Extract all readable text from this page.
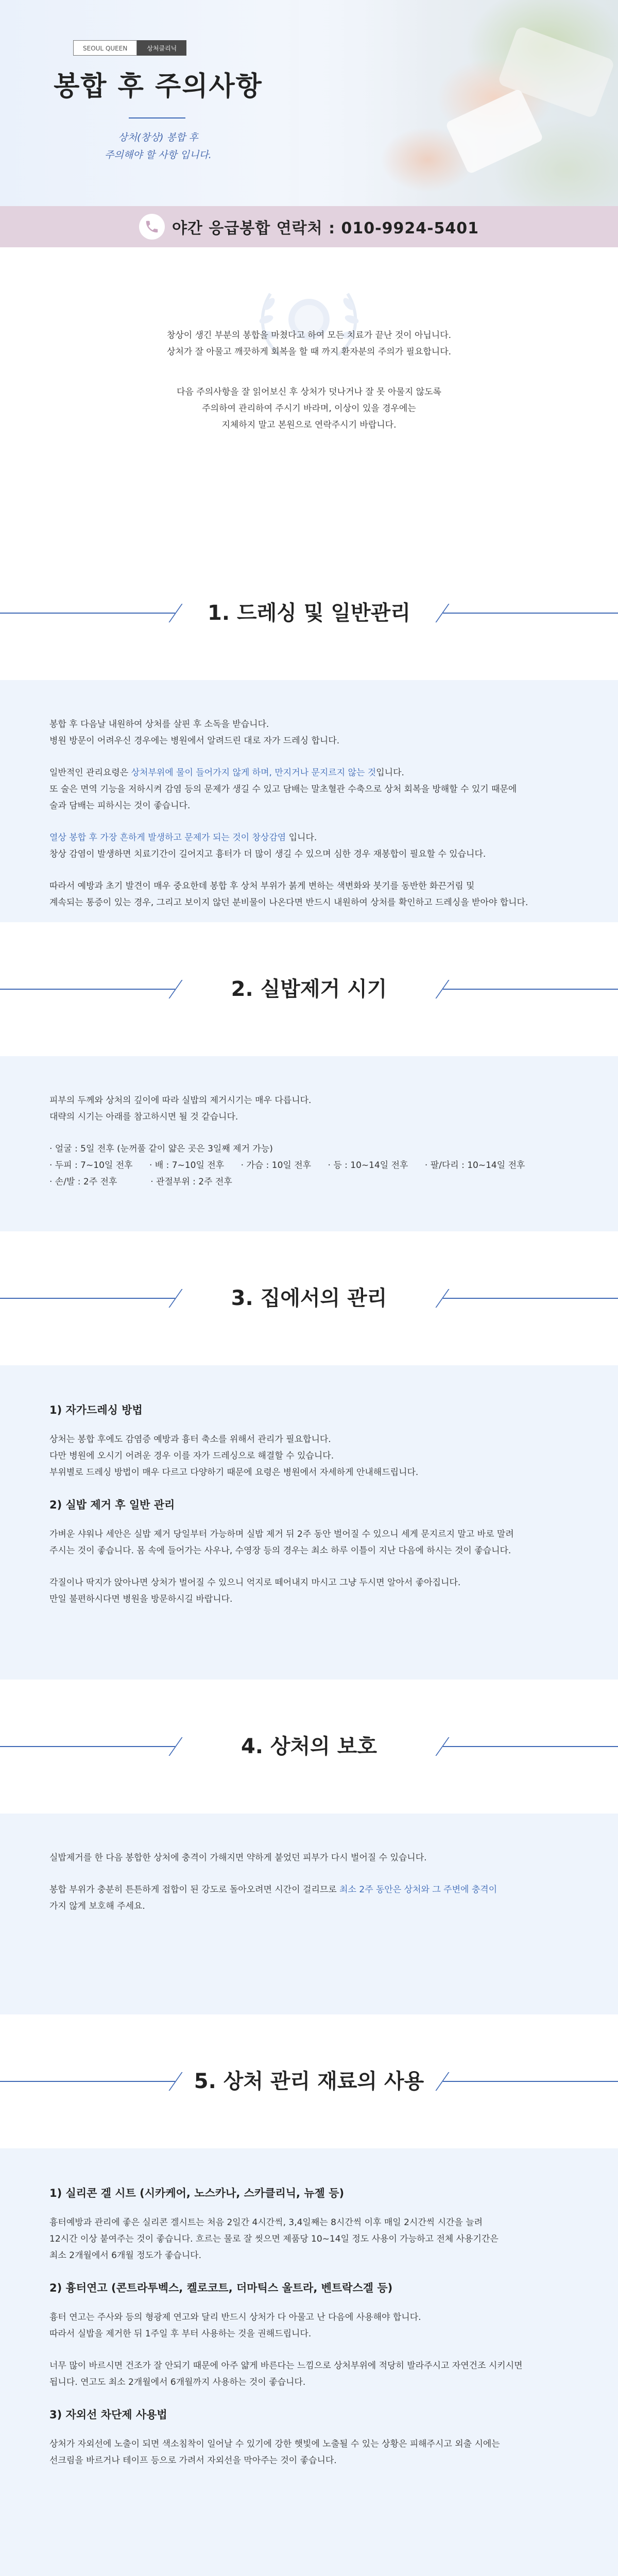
SEOUL QUEEN	상처클리닉
봉합 후 주의사항
상처(창상) 봉합 후
주의해야 할 사항 입니다.
야간 응급봉합 연락처 : 010-9924-5401
창상이 생긴 부분의 봉합을 마쳤다고 하여 모든 치료가 끝난 것이 아닙니다.
상처가 잘 아물고 깨끗하게 회복을 할 때 까지 환자분의 주의가 필요합니다.
다음 주의사항을 잘 읽어보신 후 상처가 덧나거나 잘 못 아물지 않도록
주의하여 관리하여 주시기 바라며, 이상이 있을 경우에는
지체하지 말고 본원으로 연락주시기 바랍니다.
1. 드레싱 및 일반관리

봉합 후 다음날 내원하여 상처를 살핀 후 소독을 받습니다.

병원 방문이 어려우신 경우에는 병원에서 알려드린 대로 자가 드레싱 합니다.

일반적인 관리요령은 상처부위에 물이 들어가지 않게 하며, 만지거나 문지르지 않는 것입니다.

또 술은 면역 기능을 저하시켜 감염 등의 문제가 생길 수 있고 담배는 말초혈관 수축으로 상처 회복을 방해할 수 있기 때문에

술과 담배는 피하시는 것이 좋습니다.

열상 봉합 후 가장 흔하게 발생하고 문제가 되는 것이 창상감염 입니다.

창상 감염이 발생하면 치료기간이 길어지고 흉터가 더 많이 생길 수 있으며 심한 경우 재봉합이 필요할 수 있습니다.

따라서 예방과 초기 발견이 매우 중요한데 봉합 후 상처 부위가 붉게 변하는 색변화와 붓기를 동반한 화끈거림 및

계속되는 통증이 있는 경우, 그리고 보이지 않던 분비물이 나온다면 반드시 내원하여 상처를 확인하고 드레싱을 받아야 합니다.

2. 실밥제거 시기

피부의 두께와 상처의 깊이에 따라 실밥의 제거시기는 매우 다릅니다.

대략의 시기는 아래를 참고하시면 될 것 같습니다.

· 얼굴 : 5일 전후 (눈꺼풀 같이 얇은 곳은 3일째 제거 가능)

· 두피 : 7~10일 전후 · 배 : 7~10일 전후 · 가슴 : 10일 전후 · 등 : 10~14일 전후 · 팔/다리 : 10~14일 전후

· 손/발 : 2주 전후	· 관절부위 : 2주 전후

3. 집에서의 관리
1) 자가드레싱 방법

상처는 봉합 후에도 감염증 예방과 흉터 축소를 위해서 관리가 필요합니다.

다만 병원에 오시기 어려운 경우 이를 자가 드레싱으로 해결할 수 있습니다.

부위별로 드레싱 방법이 매우 다르고 다양하기 때문에 요령은 병원에서 자세하게 안내해드립니다.

2) 실밥 제거 후 일반 관리

가벼운 샤워나 세안은 실밥 제거 당일부터 가능하며 실밥 제거 뒤 2주 동안 벌어질 수 있으니 세게 문지르지 말고 바로 말려

주시는 것이 좋습니다. 몸 속에 들어가는 사우나, 수영장 등의 경우는 최소 하루 이틀이 지난 다음에 하시는 것이 좋습니다.

각질이나 딱지가 앉아나면 상처가 벌어질 수 있으니 억지로 떼어내지 마시고 그냥 두시면 알아서 좋아집니다.

만일 불편하시다면 병원을 방문하시길 바랍니다.

4. 상처의 보호

실밥제거를 한 다음 봉합한 상처에 충격이 가해지면 약하게 붙었던 피부가 다시 벌어질 수 있습니다.

봉합 부위가 충분히 튼튼하게 접합이 된 강도로 돌아오려면 시간이 걸리므로 최소 2주 동안은 상처와 그 주변에 충격이

가지 않게 보호해 주세요.

5. 상처 관리 재료의 사용
1) 실리콘 겔 시트 (시카케어, 노스카나, 스카클리닉, 뉴젤 등)

흉터예방과 관리에 좋은 실리콘 겔시트는 처음 2일간 4시간씩, 3,4일째는 8시간씩 이후 매일 2시간씩 시간을 늘려

12시간 이상 붙여주는 것이 좋습니다. 흐르는 물로 잘 씻으면 제품당 10~14일 정도 사용이 가능하고 전체 사용기간은

최소 2개월에서 6개월 정도가 좋습니다.

2) 흉터연고 (콘트라투벡스, 켈로코트, 더마틱스 울트라, 벤트락스겔 등)

흉터 연고는 주사와 등의 형광제 연고와 달리 반드시 상처가 다 아물고 난 다음에 사용해야 합니다.

따라서 실밥을 제거한 뒤 1주일 후 부터 사용하는 것을 권해드립니다.

너무 많이 바르시면 건조가 잘 안되기 때문에 아주 얇게 바른다는 느낌으로 상처부위에 적당히 발라주시고 자연건조 시키시면

됩니다. 연고도 최소 2개월에서 6개월까지 사용하는 것이 좋습니다.

3) 자외선 차단제 사용법

상처가 자외선에 노출이 되면 색소침착이 일어날 수 있기에 강한 햇빛에 노출될 수 있는 상황은 피해주시고 외출 시에는

선크림을 바르거나 테이프 등으로 가려서 자외선을 막아주는 것이 좋습니다.
